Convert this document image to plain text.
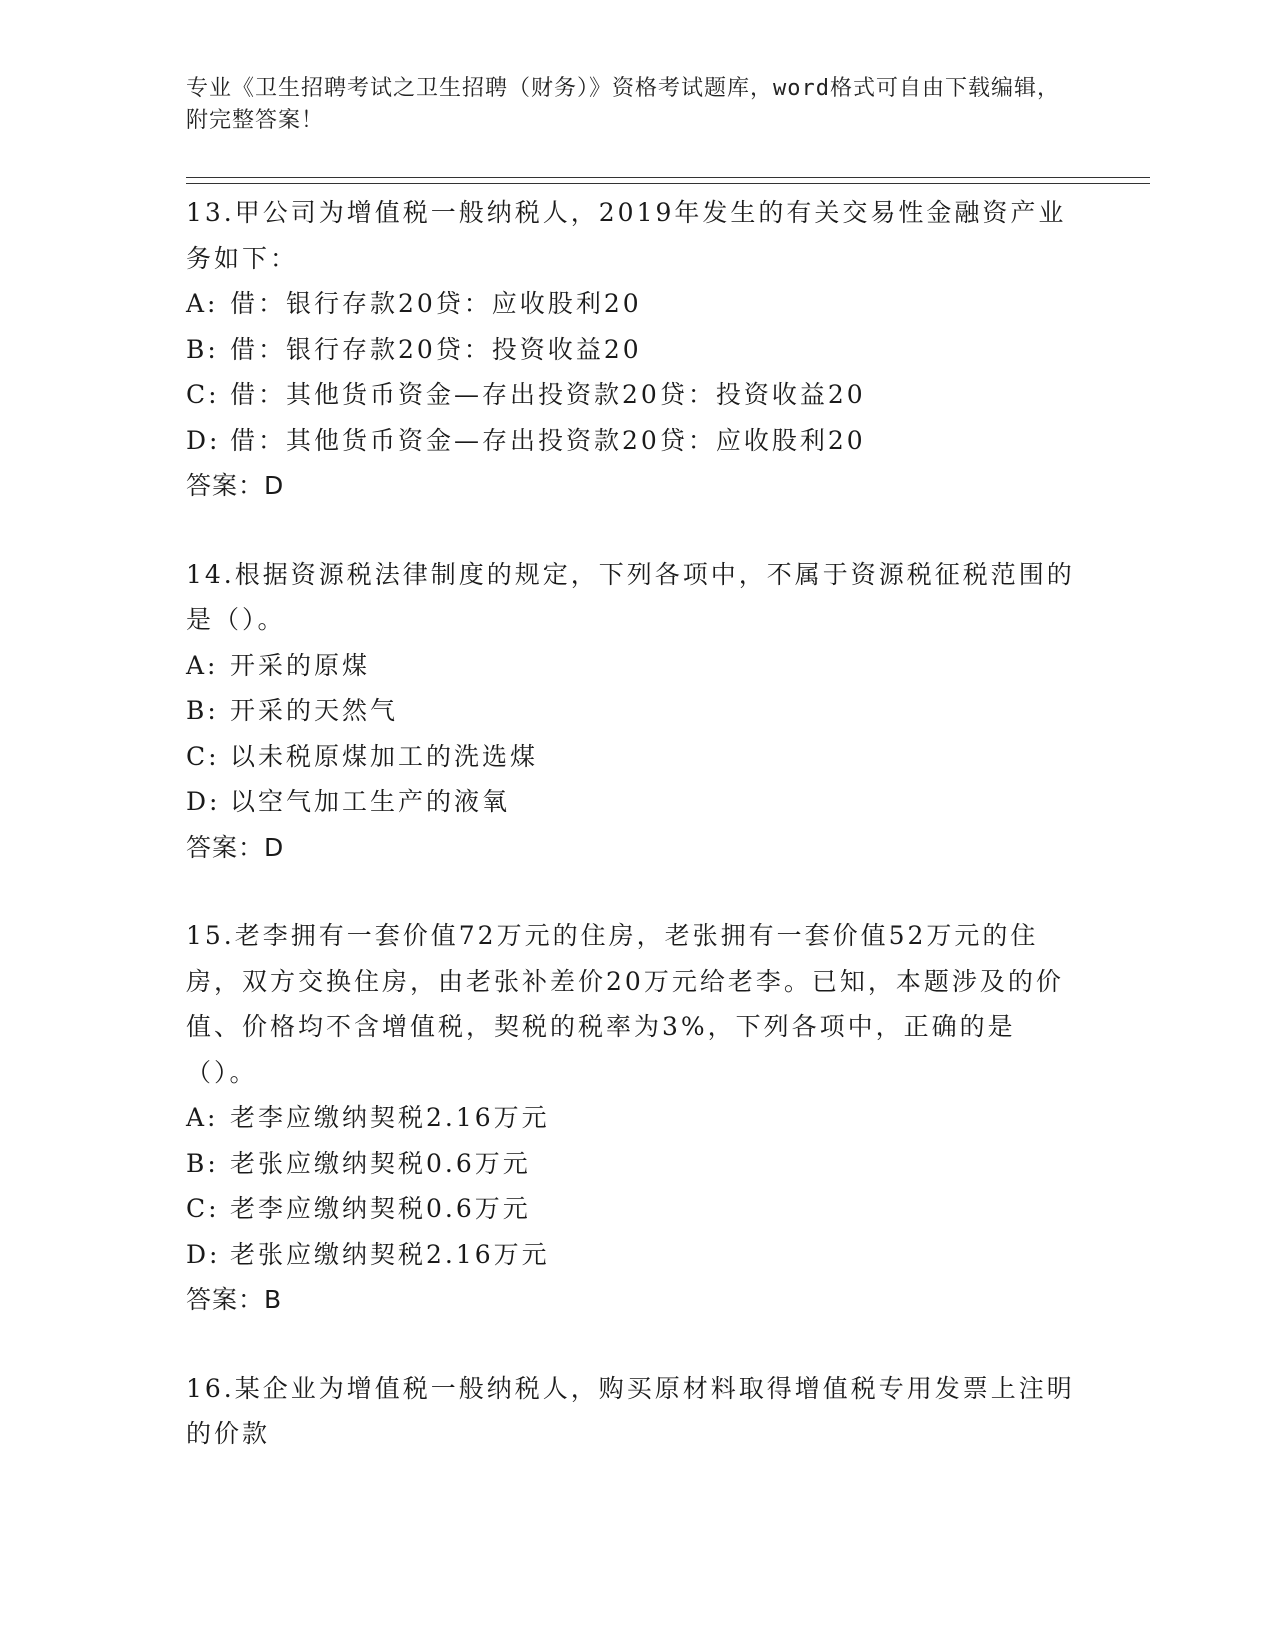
专业《卫生招聘考试之卫生招聘（财务）》资格考试题库，word格式可自由下载编辑，附完整答案！
13.甲公司为增值税一般纳税人，2019年发生的有关交易性金融资产业务如下：
A: 借：银行存款20贷：应收股利20
B: 借：银行存款20贷：投资收益20
C: 借：其他货币资金—存出投资款20贷：投资收益20
D: 借：其他货币资金—存出投资款20贷：应收股利20
答案：D
14.根据资源税法律制度的规定，下列各项中，不属于资源税征税范围的是（）。
A: 开采的原煤
B: 开采的天然气
C: 以未税原煤加工的洗选煤
D: 以空气加工生产的液氧
答案：D
15.老李拥有一套价值72万元的住房，老张拥有一套价值52万元的住房，双方交换住房，由老张补差价20万元给老李。已知，本题涉及的价值、价格均不含增值税，契税的税率为3%，下列各项中，正确的是（）。
A: 老李应缴纳契税2.16万元
B: 老张应缴纳契税0.6万元
C: 老李应缴纳契税0.6万元
D: 老张应缴纳契税2.16万元
答案：B
16.某企业为增值税一般纳税人，购买原材料取得增值税专用发票上注明的价款
